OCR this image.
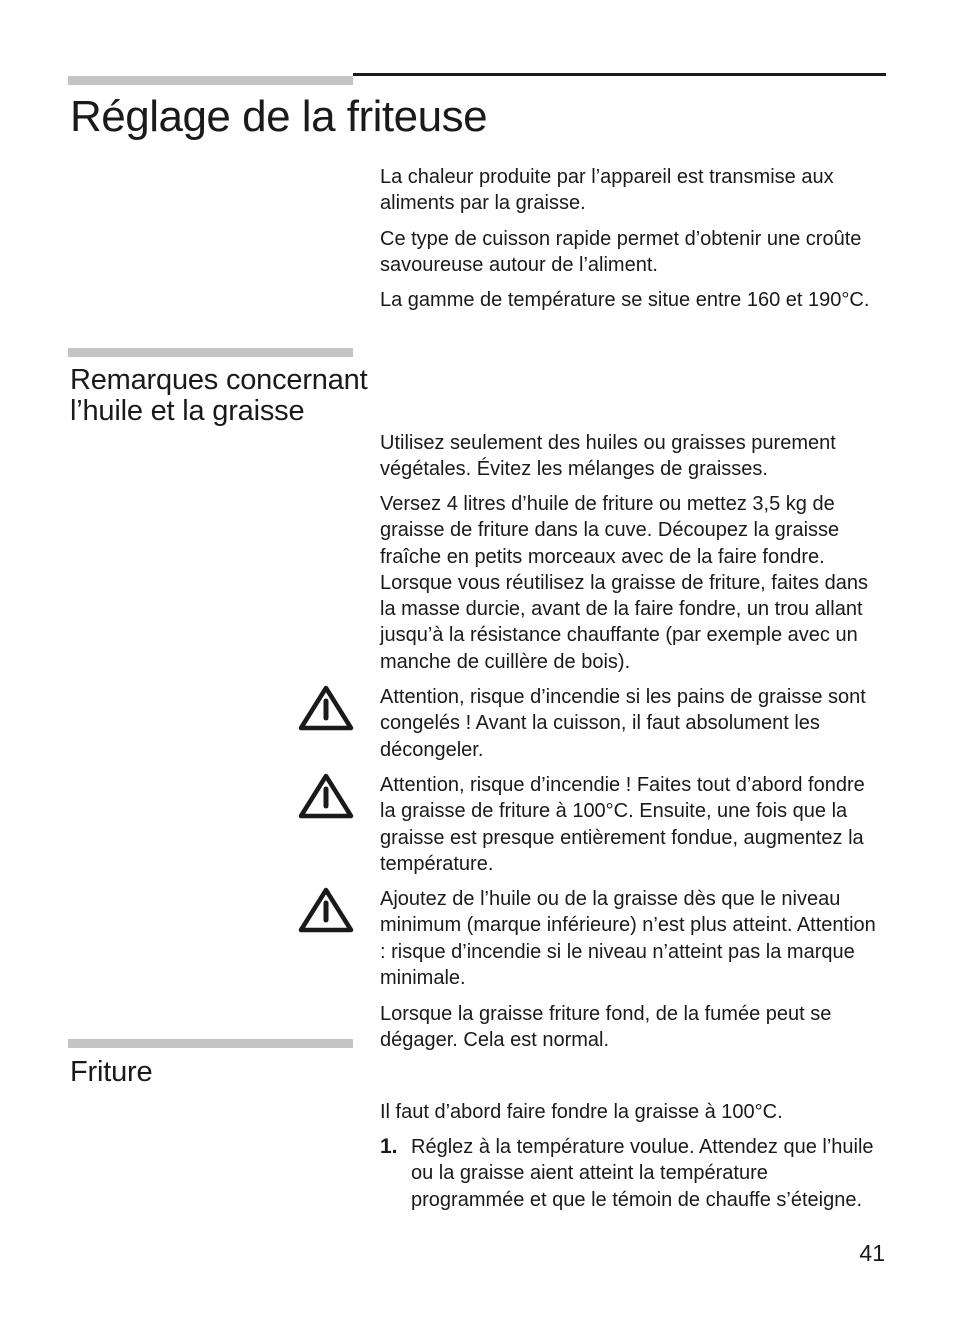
Réglage de la friteuse

La chaleur produite par l’appareil est transmise aux aliments par la graisse.

Ce type de cuisson rapide permet d’obtenir une croûte savoureuse autour de l’aliment.

La gamme de température se situe entre 160 et 190°C.

Remarques concernant
l’huile et la graisse

Utilisez seulement des huiles ou graisses purement végétales. Évitez les mélanges de graisses.

Versez 4 litres d’huile de friture ou mettez 3,5 kg de graisse de friture dans la cuve. Découpez la graisse fraîche en petits morceaux avec de la faire fondre. Lorsque vous réutilisez la graisse de friture, faites dans la masse durcie, avant de la faire fondre, un trou allant jusqu’à la résistance chauffante (par exemple avec un manche de cuillère de bois).

Attention, risque d’incendie si les pains de graisse sont congelés ! Avant la cuisson, il faut absolument les décongeler.

Attention, risque d’incendie ! Faites tout d’abord fondre la graisse de friture à 100°C. Ensuite, une fois que la graisse est presque entièrement fondue, augmentez la température.

Ajoutez de l’huile ou de la graisse dès que le niveau minimum (marque inférieure) n’est plus atteint. Attention : risque d’incendie si le niveau n’atteint pas la marque minimale.

Lorsque la graisse friture fond, de la fumée peut se dégager. Cela est normal.

Friture

Il faut d’abord faire fondre la graisse à 100°C.

1. Réglez à la température voulue. Attendez que l’huile ou la graisse aient atteint la température programmée et que le témoin de chauffe s’éteigne.

41
